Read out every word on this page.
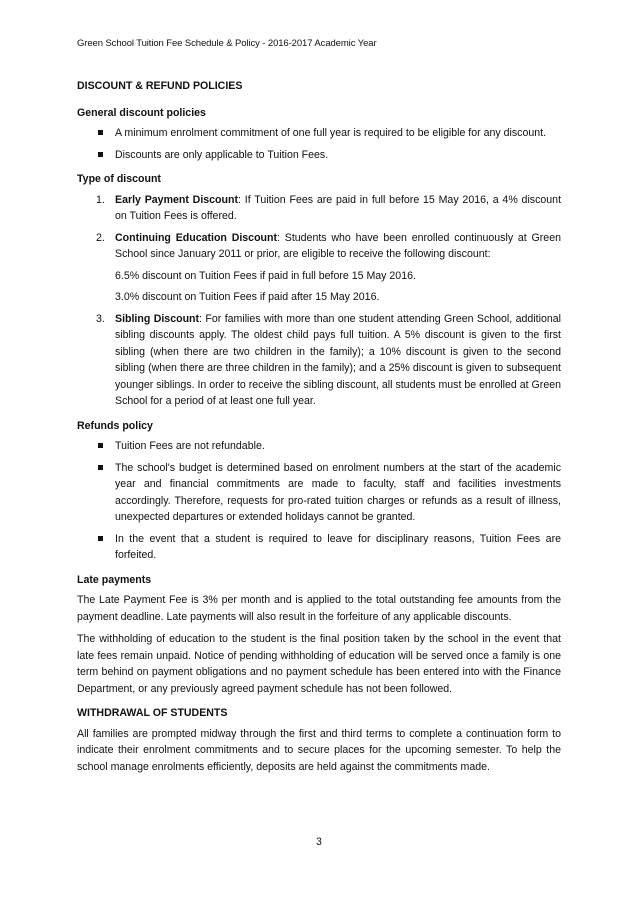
Green School Tuition Fee Schedule & Policy - 2016-2017 Academic Year
DISCOUNT & REFUND POLICIES
General discount policies
A minimum enrolment commitment of one full year is required to be eligible for any discount.
Discounts are only applicable to Tuition Fees.
Type of discount
1. Early Payment Discount: If Tuition Fees are paid in full before 15 May 2016, a 4% discount on Tuition Fees is offered.
2. Continuing Education Discount: Students who have been enrolled continuously at Green School since January 2011 or prior, are eligible to receive the following discount:
6.5% discount on Tuition Fees if paid in full before 15 May 2016.
3.0% discount on Tuition Fees if paid after 15 May 2016.
3. Sibling Discount: For families with more than one student attending Green School, additional sibling discounts apply. The oldest child pays full tuition. A 5% discount is given to the first sibling (when there are two children in the family); a 10% discount is given to the second sibling (when there are three children in the family); and a 25% discount is given to subsequent younger siblings. In order to receive the sibling discount, all students must be enrolled at Green School for a period of at least one full year.
Refunds policy
Tuition Fees are not refundable.
The school's budget is determined based on enrolment numbers at the start of the academic year and financial commitments are made to faculty, staff and facilities investments accordingly. Therefore, requests for pro-rated tuition charges or refunds as a result of illness, unexpected departures or extended holidays cannot be granted.
In the event that a student is required to leave for disciplinary reasons, Tuition Fees are forfeited.
Late payments
The Late Payment Fee is 3% per month and is applied to the total outstanding fee amounts from the payment deadline. Late payments will also result in the forfeiture of any applicable discounts.
The withholding of education to the student is the final position taken by the school in the event that late fees remain unpaid. Notice of pending withholding of education will be served once a family is one term behind on payment obligations and no payment schedule has been entered into with the Finance Department, or any previously agreed payment schedule has not been followed.
WITHDRAWAL OF STUDENTS
All families are prompted midway through the first and third terms to complete a continuation form to indicate their enrolment commitments and to secure places for the upcoming semester. To help the school manage enrolments efficiently, deposits are held against the commitments made.
3
